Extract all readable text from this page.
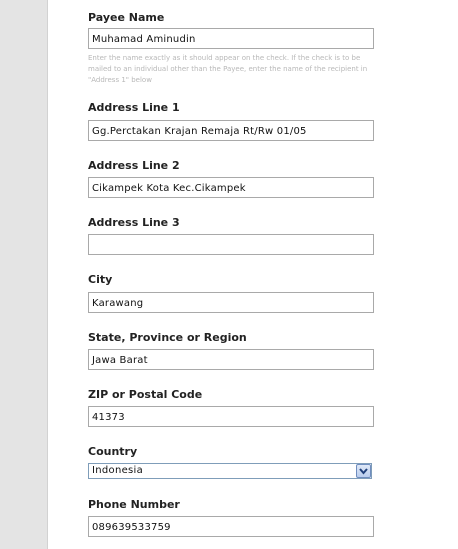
Payee Name
Muhamad Aminudin
Enter the name exactly as it should appear on the check. If the check is to be mailed to an individual other than the Payee, enter the name of the recipient in "Address 1" below
Address Line 1
Gg.Perctakan Krajan Remaja Rt/Rw 01/05
Address Line 2
Cikampek Kota Kec.Cikampek
Address Line 3
City
Karawang
State, Province or Region
Jawa Barat
ZIP or Postal Code
41373
Country
Indonesia
Phone Number
089639533759
